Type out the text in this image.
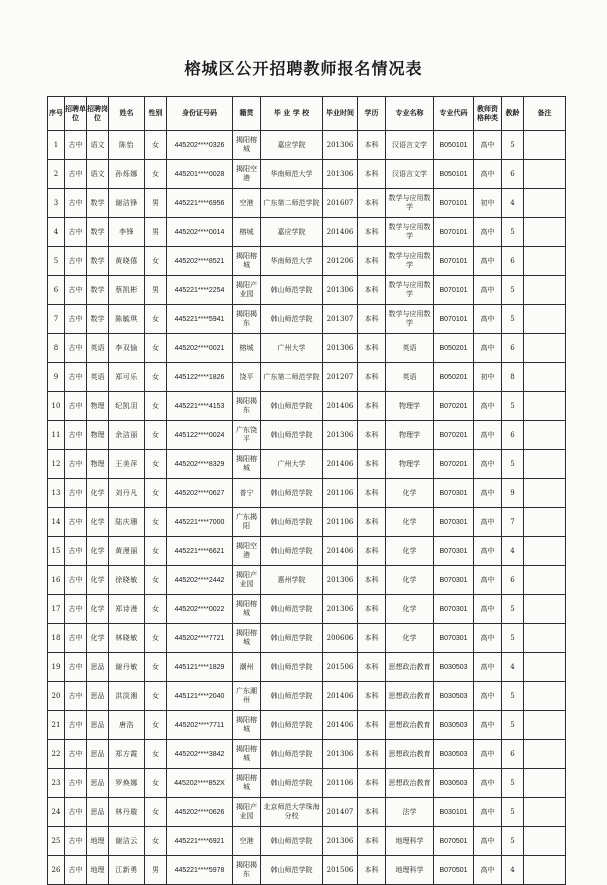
榕城区公开招聘教师报名情况表
序号	招聘单位	招聘岗位	姓名	性别	身份证号码	籍贯	毕 业 学 校	毕业时间	学历	专业名称	专业代码	教师资格种类	教龄	备注
1	古中	语文	陈怡	女	445202****0326	揭阳榕城	嘉应学院	201306	本科	汉语言文学	B050101	高中	5	
2	古中	语文	孙烁娜	女	445201****0028	揭阳空港	华南师范大学	201306	本科	汉语言文学	B050101	高中	6	
3	古中	数学	谢洁锋	男	445221****6956	空港	广东第二师范学院	201607	本科	数学与应用数学	B070101	初中	4	
4	古中	数学	李锋	男	445202****0014	榕城	嘉应学院	201406	本科	数学与应用数学	B070101	高中	5	
5	古中	数学	黄晓僖	女	445202****8521	揭阳榕城	华南师范大学	201206	本科	数学与应用数学	B070101	高中	6	
6	古中	数学	蔡凯彬	男	445221****2254	揭阳产业园	韩山师范学院	201306	本科	数学与应用数学	B070101	高中	5	
7	古中	数学	陈毓琪	女	445221****5941	揭阳揭东	韩山师范学院	201307	本科	数学与应用数学	B070101	高中	5	
8	古中	英语	李双愉	女	445202****0021	榕城	广州大学	201306	本科	英语	B050201	高中	6	
9	古中	英语	郑可乐	女	445122****1826	饶平	广东第二师范学院	201207	本科	英语	B050201	初中	8	
10	古中	物理	纪凯羽	女	445221****4153	揭阳揭东	韩山师范学院	201406	本科	物理学	B070201	高中	5	
11	古中	物理	余洁丽	女	445122****0024	广东饶平	韩山师范学院	201306	本科	物理学	B070201	高中	6	
12	古中	物理	王美萍	女	445202****8329	揭阳榕城	广州大学	201406	本科	物理学	B070201	高中	5	
13	古中	化学	刘丹凡	女	445202****0627	普宁	韩山师范学院	201106	本科	化学	B070301	高中	9	
14	古中	化学	陆庆珊	女	445221****7000	广东揭阳	韩山师范学院	201106	本科	化学	B070301	高中	7	
15	古中	化学	黄漫丽	女	445221****6621	揭阳空港	韩山师范学院	201406	本科	化学	B070301	高中	4	
16	古中	化学	徐晓敏	女	445202****2442	揭阳产业园	惠州学院	201306	本科	化学	B070301	高中	6	
17	古中	化学	郑诗漫	女	445202****0022	揭阳榕城	韩山师范学院	201306	本科	化学	B070301	高中	5	
18	古中	化学	林晓敏	女	445202****7721	揭阳榕城	韩山师范学院	200606	本科	化学	B070301	高中	5	
19	古中	思品	谢丹敏	女	445121****1829	潮州	韩山师范学院	201506	本科	思想政治教育	B030503	高中	4	
20	古中	思品	洪淡湘	女	445121****2040	广东潮州	韩山师范学院	201406	本科	思想政治教育	B030503	高中	5	
21	古中	思品	唐浩	女	445202****7711	揭阳榕城	韩山师范学院	201406	本科	思想政治教育	B030503	高中	5	
22	古中	思品	郑方霞	女	445202****3842	揭阳榕城	韩山师范学院	201306	本科	思想政治教育	B030503	高中	6	
23	古中	思品	罗焕娜	女	445202****852X	揭阳榕城	韩山师范学院	201106	本科	思想政治教育	B030503	高中	5	
24	古中	思品	林丹璇	女	445202****0626	揭阳产业园	北京师范大学珠海分校	201407	本科	法学	B030101	高中	5	
25	古中	地理	谢洁云	女	445221****6921	空港	韩山师范学院	201306	本科	地理科学	B070501	高中	5	
26	古中	地理	江新勇	男	445221****5978	揭阳揭东	韩山师范学院	201506	本科	地理科学	B070501	高中	4	
